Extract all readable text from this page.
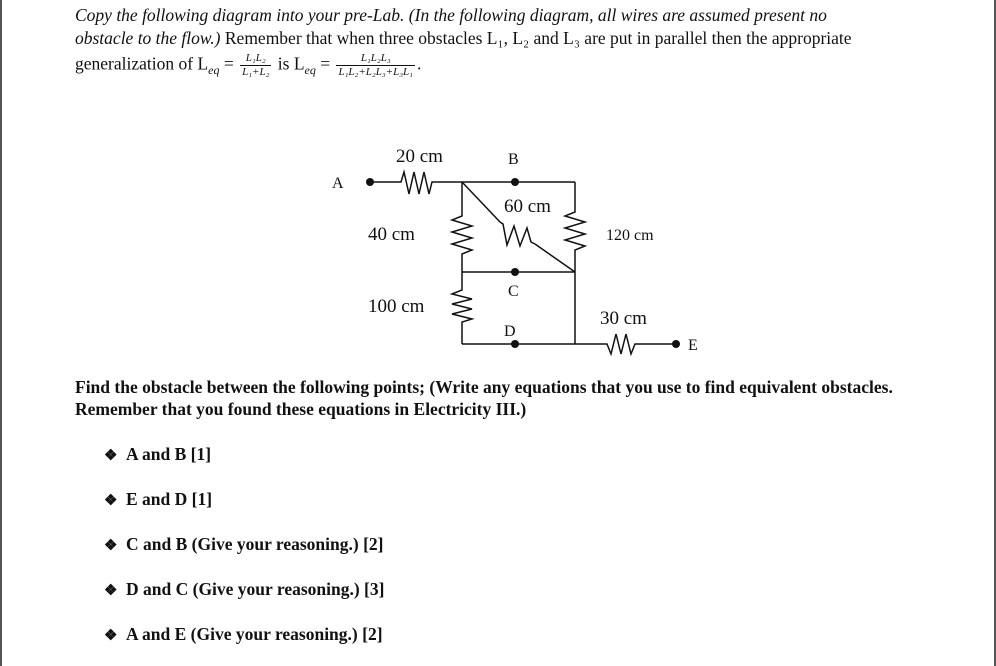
Copy the following diagram into your pre-Lab. (In the following diagram, all wires are assumed present no
obstacle to the flow.) Remember that when three obstacles L₁, L₂ and L₃ are put in parallel then the appropriate
generalization of $L_{eq} = \frac{\text{L₁L₂}}{\text{L₁+L₂}}$ is $L_{eq} = \frac{\text{L₁L₂L₃}}{\text{L₁L₂+L₂L₃+L₃L₁}}$ .
A
B
C
D
E
20 cm
40 cm
60 cm
100 cm
30 cm
120 cm
Find the obstacle between the following points; (Write any equations that you use to find equivalent obstacles. Remember that you found these equations in Electricity III.)
❖ A and B [1]
❖ E and D [1]
❖ C and B (Give your reasoning.) [2]
❖ D and C (Give your reasoning.) [3]
❖ A and E (Give your reasoning.) [2]
